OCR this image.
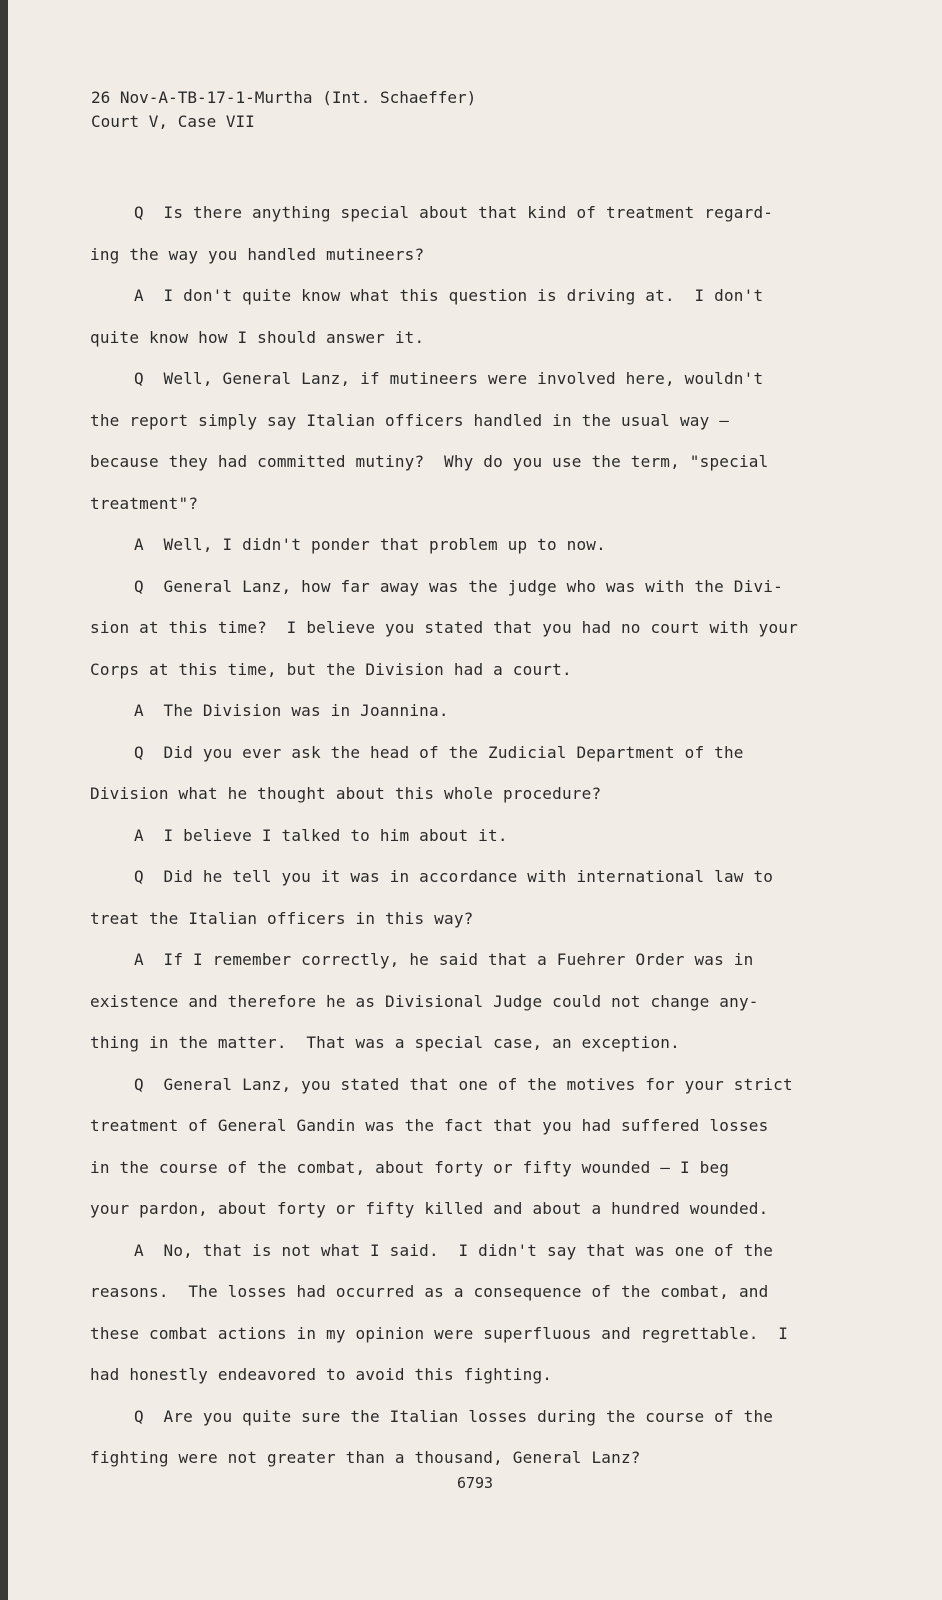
26 Nov-A-TB-17-1-Murtha (Int. Schaeffer)
Court V, Case VII
Q  Is there anything special about that kind of treatment regard-
ing the way you handled mutineers?
A  I don't quite know what this question is driving at.  I don't
quite know how I should answer it.
Q  Well, General Lanz, if mutineers were involved here, wouldn't
the report simply say Italian officers handled in the usual way —
because they had committed mutiny?  Why do you use the term, "special
treatment"?
A  Well, I didn't ponder that problem up to now.
Q  General Lanz, how far away was the judge who was with the Divi-
sion at this time?  I believe you stated that you had no court with your
Corps at this time, but the Division had a court.
A  The Division was in Joannina.
Q  Did you ever ask the head of the Zudicial Department of the
Division what he thought about this whole procedure?
A  I believe I talked to him about it.
Q  Did he tell you it was in accordance with international law to
treat the Italian officers in this way?
A  If I remember correctly, he said that a Fuehrer Order was in
existence and therefore he as Divisional Judge could not change any-
thing in the matter.  That was a special case, an exception.
Q  General Lanz, you stated that one of the motives for your strict
treatment of General Gandin was the fact that you had suffered losses
in the course of the combat, about forty or fifty wounded — I beg
your pardon, about forty or fifty killed and about a hundred wounded.
A  No, that is not what I said.  I didn't say that was one of the
reasons.  The losses had occurred as a consequence of the combat, and
these combat actions in my opinion were superfluous and regrettable.  I
had honestly endeavored to avoid this fighting.
Q  Are you quite sure the Italian losses during the course of the
fighting were not greater than a thousand, General Lanz?
6793
